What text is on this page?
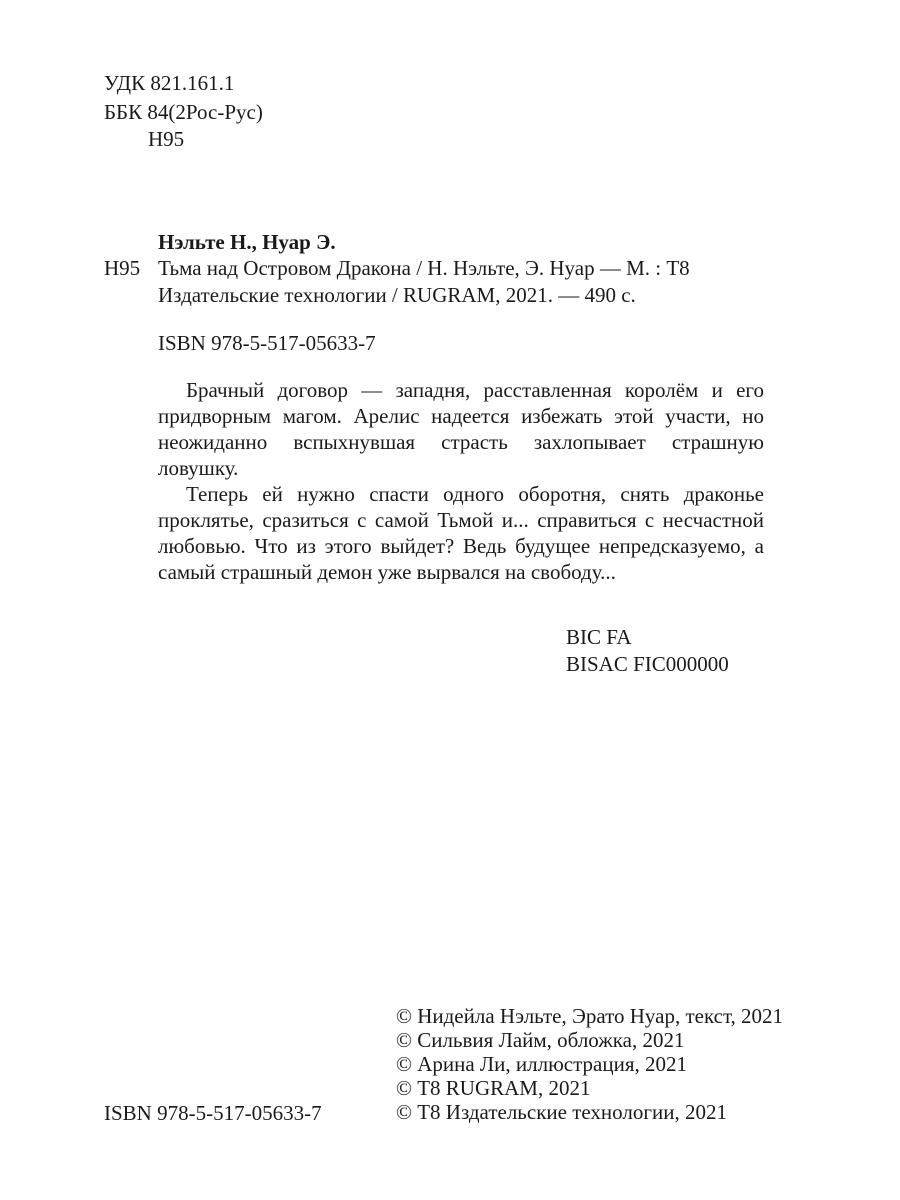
УДК 821.161.1
ББК 84(2Рос-Рус)
Н95
Нэльте Н., Нуар Э.
Н95 Тьма над Островом Дракона / Н. Нэльте, Э. Нуар — М. : Т8
Издательские технологии / RUGRAM, 2021. — 490 с.
ISBN 978-5-517-05633-7

Брачный договор — западня, расставленная королём и его придворным магом. Арелис надеется избежать этой участи, но неожиданно вспыхнувшая страсть захлопывает страшную ловушку.

Теперь ей нужно спасти одного оборотня, снять драконье проклятье, сразиться с самой Тьмой и... справиться с несчастной любовью. Что из этого выйдет? Ведь будущее непредсказуемо, а самый страшный демон уже вырвался на свободу...

BIC FA
BISAC FIC000000
© Нидейла Нэльте, Эрато Нуар, текст, 2021
© Сильвия Лайм, обложка, 2021
© Арина Ли, иллюстрация, 2021
© Т8 RUGRAM, 2021
© Т8 Издательские технологии, 2021
ISBN 978-5-517-05633-7
